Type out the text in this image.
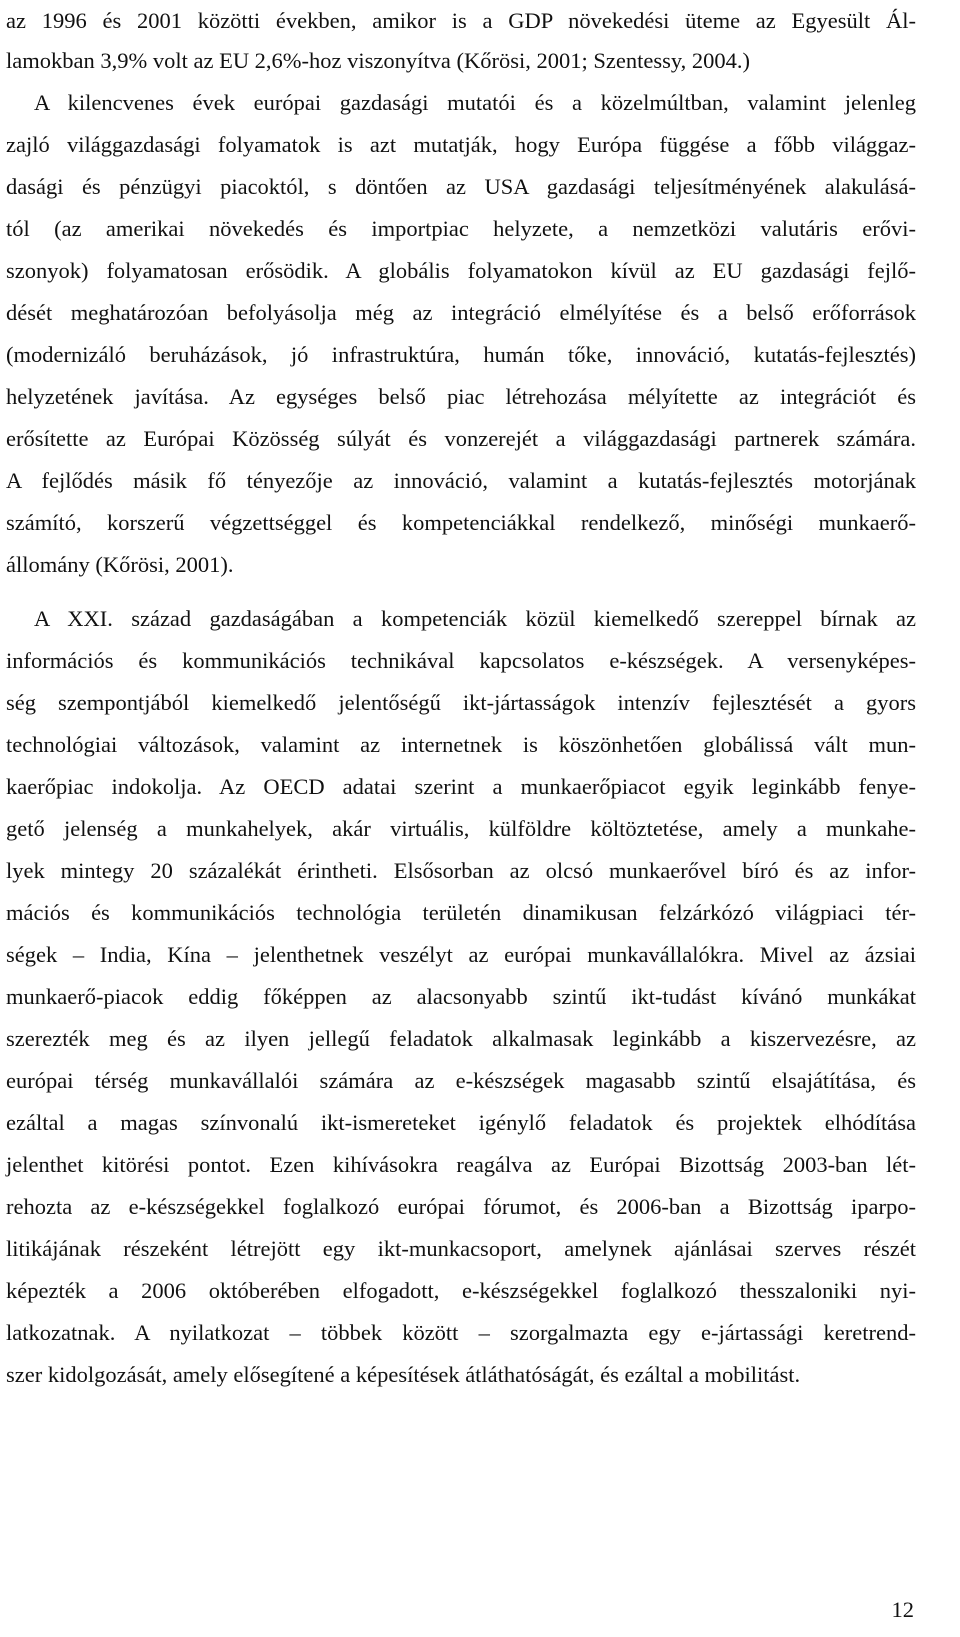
az 1996 és 2001 közötti években, amikor is a GDP növekedési üteme az Egyesült Ál-
lamokban 3,9% volt az EU 2,6%-hoz viszonyítva (Kőrösi, 2001; Szentessy, 2004.)
A kilencvenes évek európai gazdasági mutatói és a közelmúltban, valamint jelenleg
zajló világgazdasági folyamatok is azt mutatják, hogy Európa függése a főbb világgaz-
dasági és pénzügyi piacoktól, s döntően az USA gazdasági teljesítményének alakulásá-
tól (az amerikai növekedés és importpiac helyzete, a nemzetközi valutáris erővi-
szonyok) folyamatosan erősödik. A globális folyamatokon kívül az EU gazdasági fejlő-
dését meghatározóan befolyásolja még az integráció elmélyítése és a belső erőforrások
(modernizáló beruházások, jó infrastruktúra, humán tőke, innováció, kutatás-fejlesztés)
helyzetének javítása. Az egységes belső piac létrehozása mélyítette az integrációt és
erősítette az Európai Közösség súlyát és vonzerejét a világgazdasági partnerek számára.
A fejlődés másik fő tényezője az innováció, valamint a kutatás-fejlesztés motorjának
számító, korszerű végzettséggel és kompetenciákkal rendelkező, minőségi munkaerő-
állomány (Kőrösi, 2001).
A XXI. század gazdaságában a kompetenciák közül kiemelkedő szereppel bírnak az
információs és kommunikációs technikával kapcsolatos e-készségek. A versenyképes-
ség szempontjából kiemelkedő jelentőségű ikt-jártasságok intenzív fejlesztését a gyors
technológiai változások, valamint az internetnek is köszönhetően globálissá vált mun-
kaerőpiac indokolja. Az OECD adatai szerint a munkaerőpiacot egyik leginkább fenye-
gető jelenség a munkahelyek, akár virtuális, külföldre költöztetése, amely a munkahe-
lyek mintegy 20 százalékát érintheti. Elsősorban az olcsó munkaerővel bíró és az infor-
mációs és kommunikációs technológia területén dinamikusan felzárkózó világpiaci tér-
ségek – India, Kína – jelenthetnek veszélyt az európai munkavállalókra. Mivel az ázsiai
munkaerő-piacok eddig főképpen az alacsonyabb szintű ikt-tudást kívánó munkákat
szerezték meg és az ilyen jellegű feladatok alkalmasak leginkább a kiszervezésre, az
európai térség munkavállalói számára az e-készségek magasabb szintű elsajátítása, és
ezáltal a magas színvonalú ikt-ismereteket igénylő feladatok és projektek elhódítása
jelenthet kitörési pontot. Ezen kihívásokra reagálva az Európai Bizottság 2003-ban lét-
rehozta az e-készségekkel foglalkozó európai fórumot, és 2006-ban a Bizottság iparpo-
litikájának részeként létrejött egy ikt-munkacsoport, amelynek ajánlásai szerves részét
képezték a 2006 októberében elfogadott, e-készségekkel foglalkozó thesszaloniki nyi-
latkozatnak. A nyilatkozat – többek között – szorgalmazta egy e-jártassági keretrend-
szer kidolgozását, amely elősegítené a képesítések átláthatóságát, és ezáltal a mobilitást.
12
